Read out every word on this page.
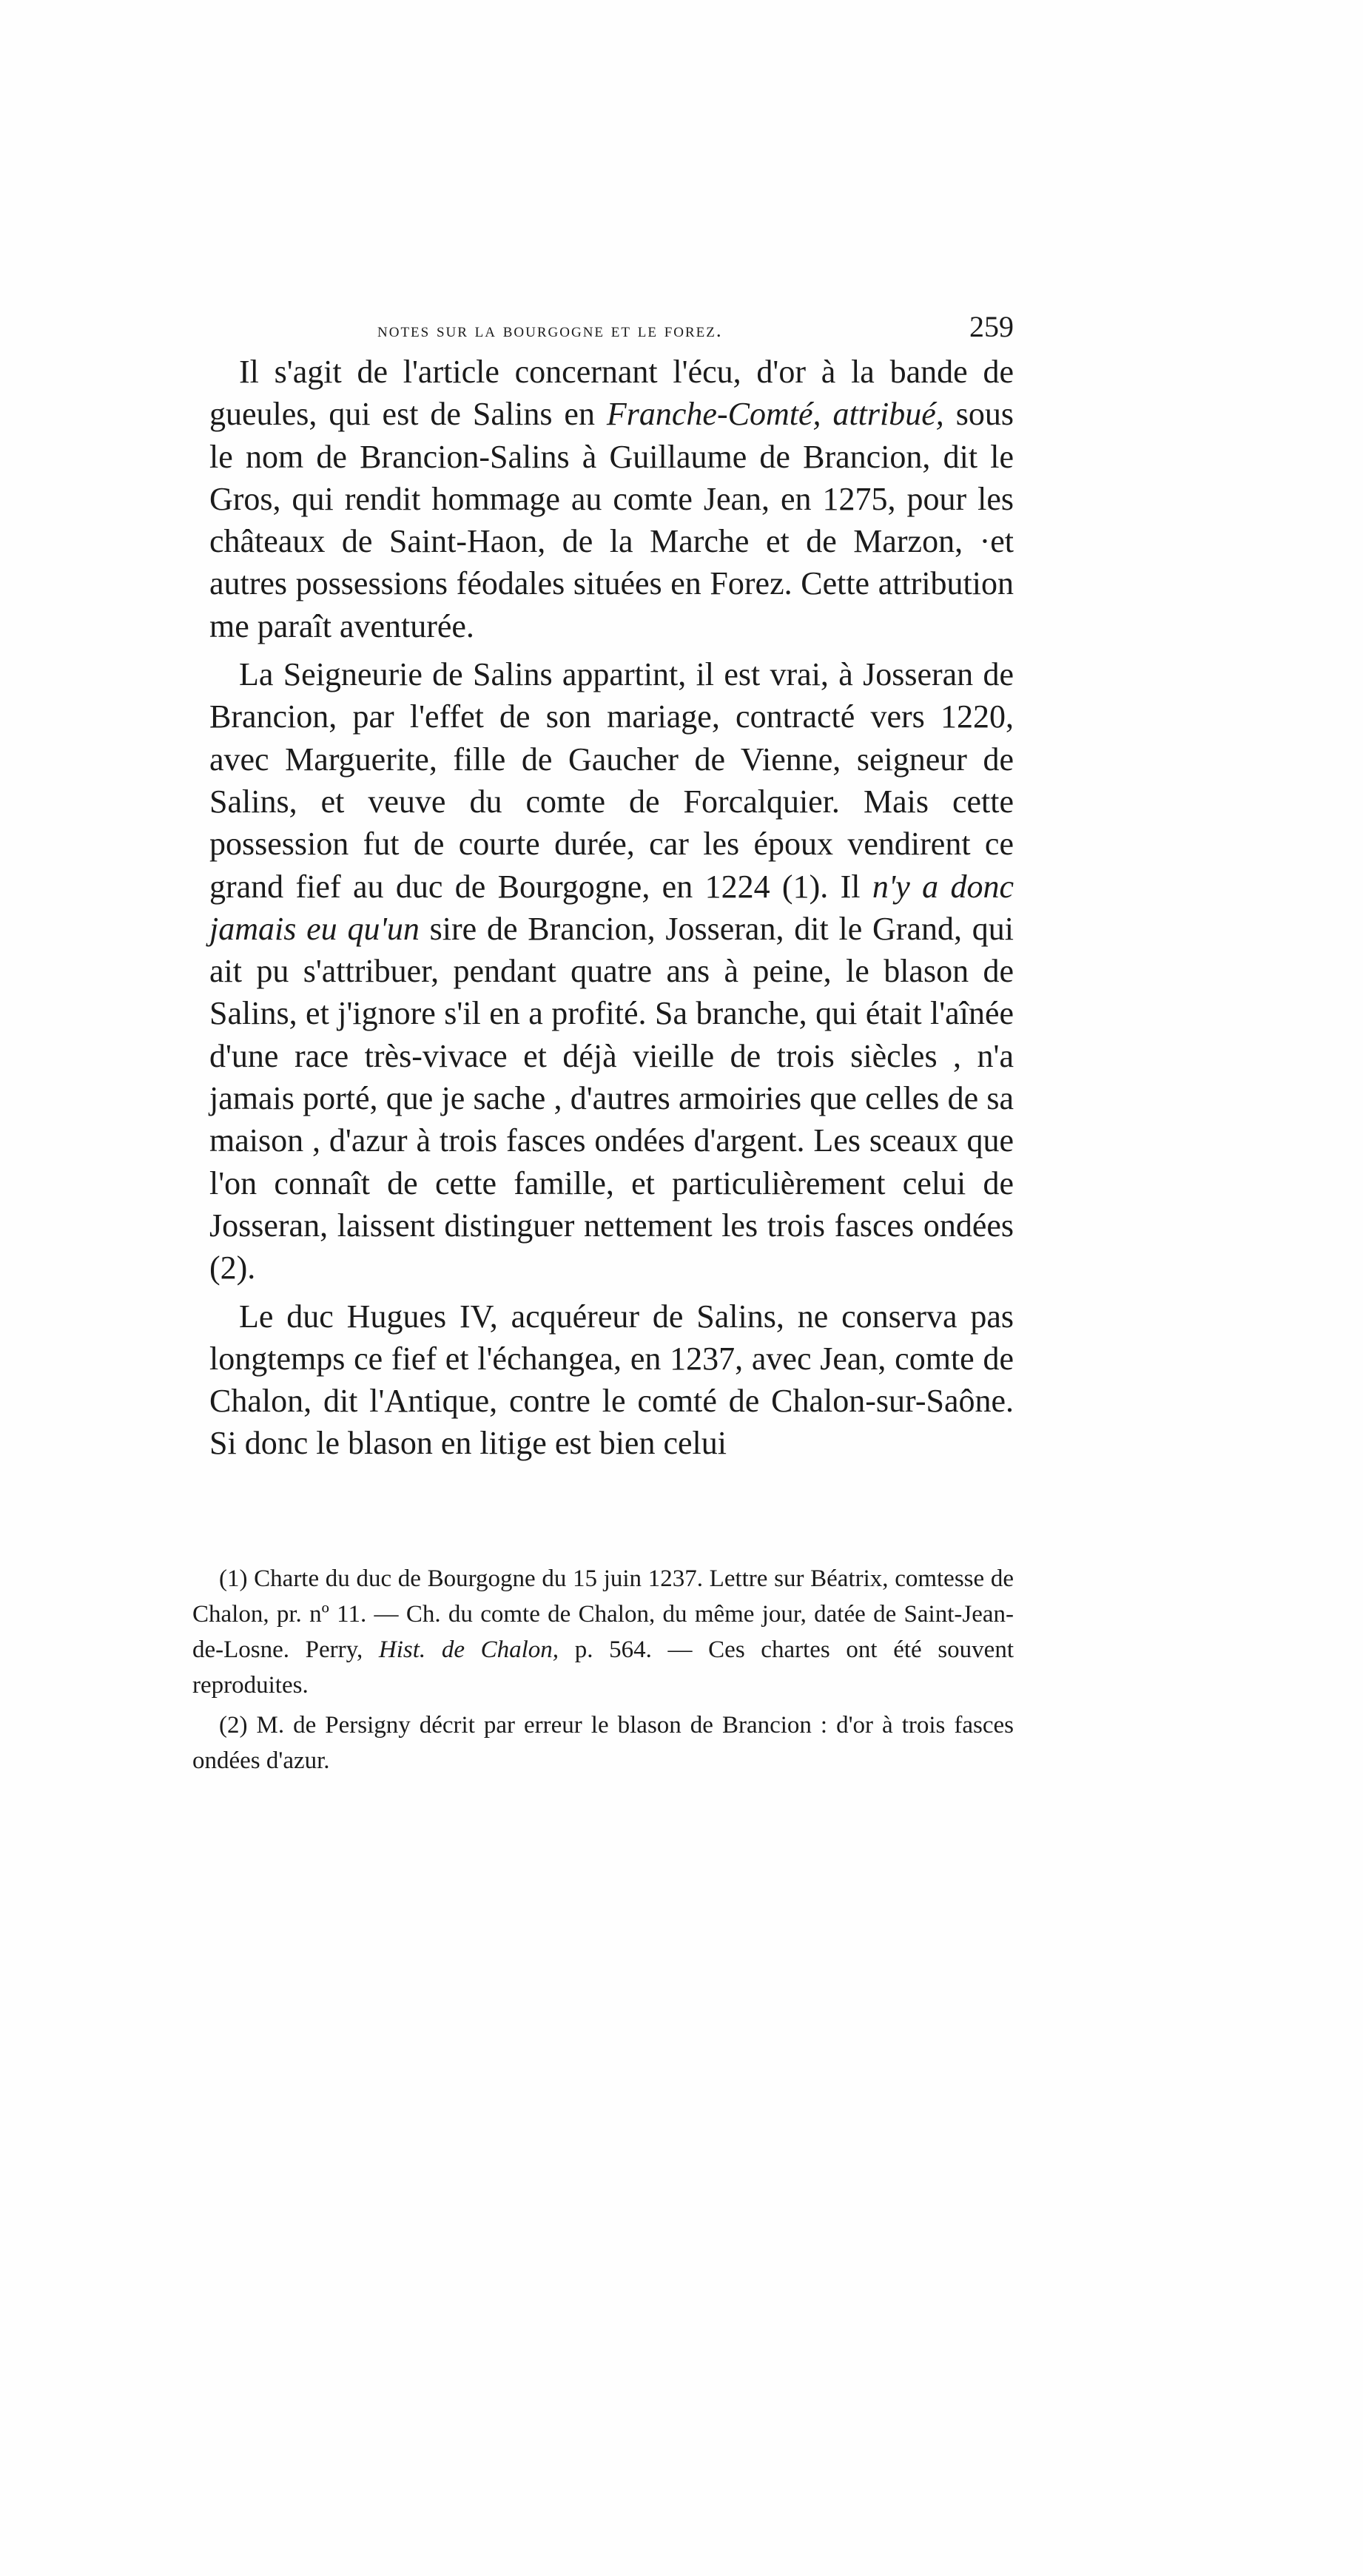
notes sur la bourgogne et le forez.	259

Il s'agit de l'article concernant l'écu, d'or à la bande de gueules, qui est de Salins en Franche-Comté, attribué, sous le nom de Brancion-Salins à Guillaume de Brancion, dit le Gros, qui rendit hommage au comte Jean, en 1275, pour les châteaux de Saint-Haon, de la Marche et de Marzon, ·et autres possessions féodales situées en Forez. Cette attribution me paraît aventurée.

La Seigneurie de Salins appartint, il est vrai, à Josseran de Brancion, par l'effet de son mariage, contracté vers 1220, avec Marguerite, fille de Gaucher de Vienne, seigneur de Salins, et veuve du comte de Forcalquier. Mais cette possession fut de courte durée, car les époux vendirent ce grand fief au duc de Bourgogne, en 1224 (1). Il n'y a donc jamais eu qu'un sire de Brancion, Josseran, dit le Grand, qui ait pu s'attribuer, pendant quatre ans à peine, le blason de Salins, et j'ignore s'il en a profité. Sa branche, qui était l'aînée d'une race très-vivace et déjà vieille de trois siècles , n'a jamais porté, que je sache , d'autres armoiries que celles de sa maison , d'azur à trois fasces ondées d'argent. Les sceaux que l'on connaît de cette famille, et particulièrement celui de Josseran, laissent distinguer nettement les trois fasces ondées (2).

Le duc Hugues IV, acquéreur de Salins, ne conserva pas longtemps ce fief et l'échangea, en 1237, avec Jean, comte de Chalon, dit l'Antique, contre le comté de Chalon-sur-Saône. Si donc le blason en litige est bien celui

(1) Charte du duc de Bourgogne du 15 juin 1237. Lettre sur Béatrix, comtesse de Chalon, pr. nº 11. — Ch. du comte de Chalon, du même jour, datée de Saint-Jean-de-Losne. Perry, Hist. de Chalon, p. 564. — Ces chartes ont été souvent reproduites.

(2) M. de Persigny décrit par erreur le blason de Brancion : d'or à trois fasces ondées d'azur.
